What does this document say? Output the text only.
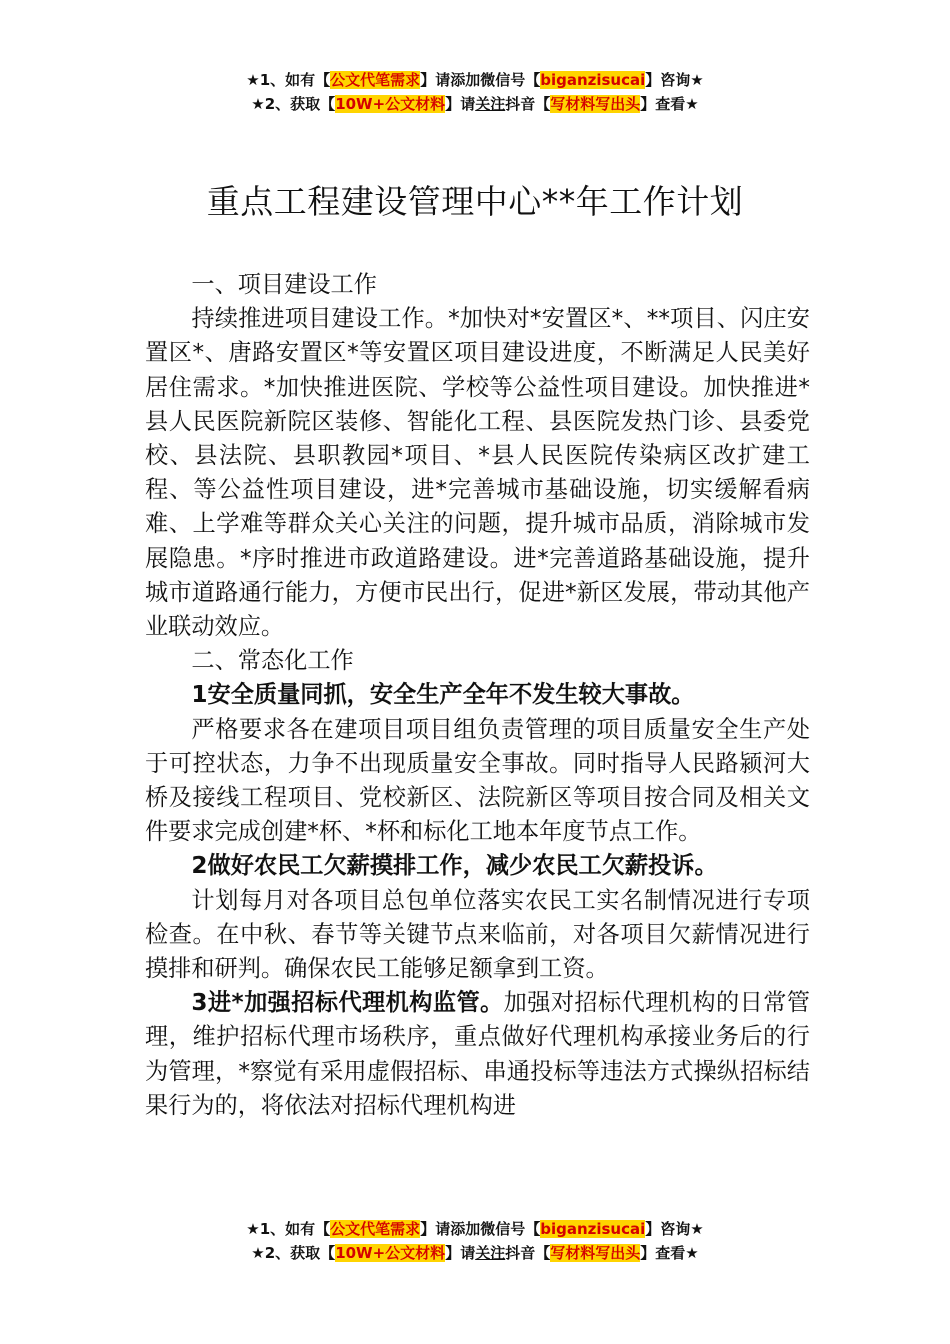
★1、如有【公文代笔需求】请添加微信号【biganzisucai】咨询★
★2、获取【10W+公文材料】请关注抖音【写材料写出头】查看★
重点工程建设管理中心**年工作计划

一、项目建设工作

持续推进项目建设工作。*加快对*安置区*、**项目、闪庄安置区*、唐路安置区*等安置区项目建设进度，不断满足人民美好居住需求。*加快推进医院、学校等公益性项目建设。加快推进*县人民医院新院区装修、智能化工程、县医院发热门诊、县委党校、县法院、县职教园*项目、*县人民医院传染病区改扩建工程、等公益性项目建设，进*完善城市基础设施，切实缓解看病难、上学难等群众关心关注的问题，提升城市品质，消除城市发展隐患。*序时推进市政道路建设。进*完善道路基础设施，提升城市道路通行能力，方便市民出行，促进*新区发展，带动其他产业联动效应。

二、常态化工作

1安全质量同抓，安全生产全年不发生较大事故。

严格要求各在建项目项目组负责管理的项目质量安全生产处于可控状态，力争不出现质量安全事故。同时指导人民路颍河大桥及接线工程项目、党校新区、法院新区等项目按合同及相关文件要求完成创建*杯、*杯和标化工地本年度节点工作。

2做好农民工欠薪摸排工作，减少农民工欠薪投诉。

计划每月对各项目总包单位落实农民工实名制情况进行专项检查。在中秋、春节等关键节点来临前，对各项目欠薪情况进行摸排和研判。确保农民工能够足额拿到工资。

3进*加强招标代理机构监管。加强对招标代理机构的日常管理，维护招标代理市场秩序，重点做好代理机构承接业务后的行为管理，*察觉有采用虚假招标、串通投标等违法方式操纵招标结果行为的，将依法对招标代理机构进

★1、如有【公文代笔需求】请添加微信号【biganzisucai】咨询★
★2、获取【10W+公文材料】请关注抖音【写材料写出头】查看★
